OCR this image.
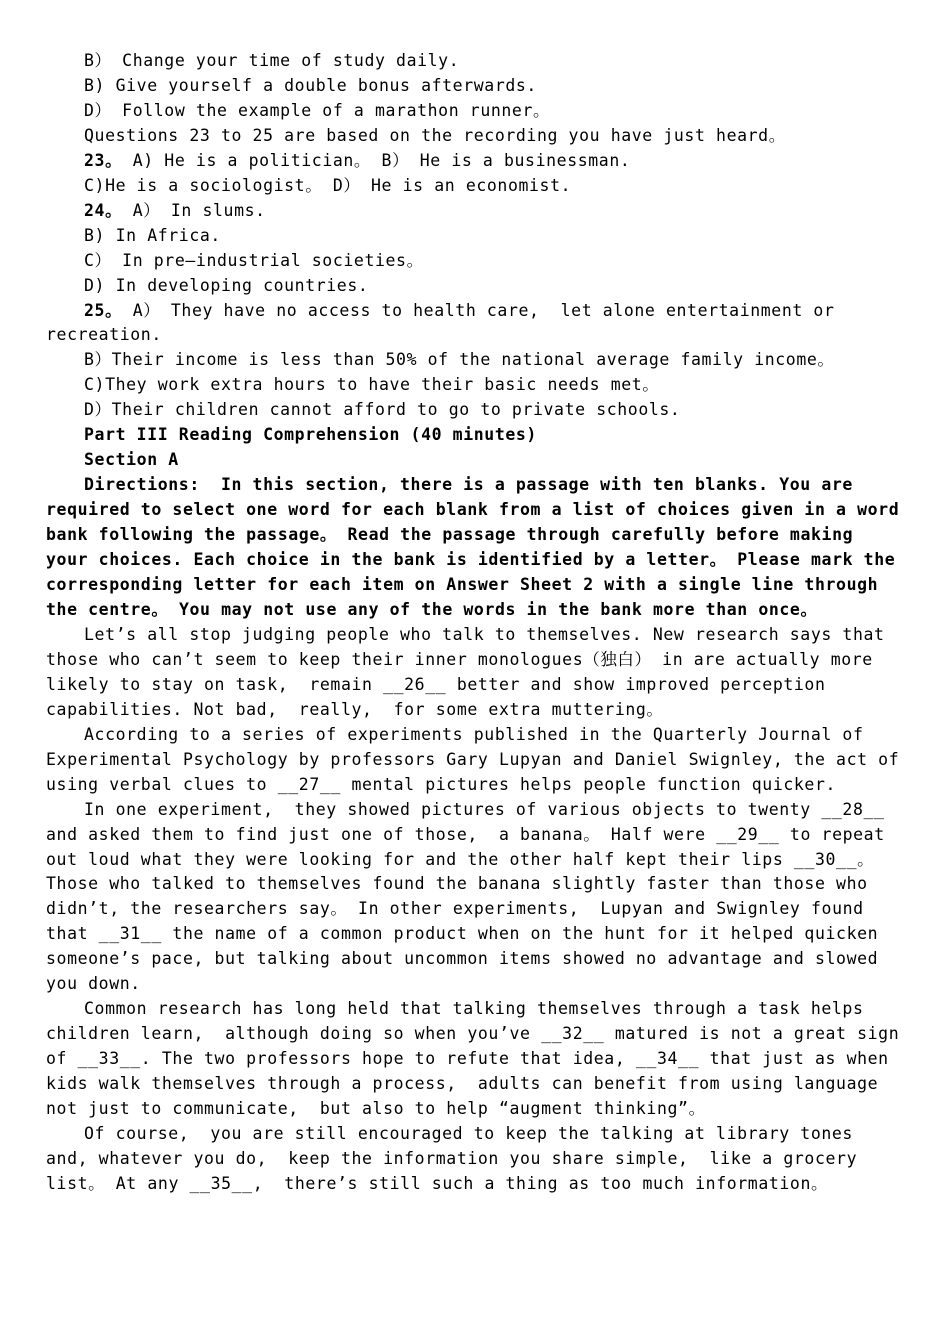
B） Change your time of study daily.
B) Give yourself a double bonus afterwards.
D） Follow the example of a marathon runner。
Questions 23 to 25 are based on the recording you have just heard。
23。 A) He is a politician。 B） He is a businessman.
C)He is a sociologist。 D） He is an economist.
24。 A） In slums.
B) In Africa.
C） In pre—industrial societies。
D) In developing countries.
25。 A） They have no access to health care,  let alone entertainment or recreation.
B）Their income is less than 50% of the national average family income。
C)They work extra hours to have their basic needs met。
D）Their children cannot afford to go to private schools.
Part III Reading Comprehension (40 minutes)
Section A
Directions:  In this section, there is a passage with ten blanks. You are required to select one word for each blank from a list of choices given in a word bank following the passage。 Read the passage through carefully before making your choices. Each choice in the bank is identified by a letter。 Please mark the corresponding letter for each item on Answer Sheet 2 with a single line through the centre。 You may not use any of the words in the bank more than once。
Let’s all stop judging people who talk to themselves. New research says that those who can’t seem to keep their inner monologues（独白） in are actually more likely to stay on task,  remain __26__ better and show improved perception capabilities. Not bad,  really,  for some extra muttering。
According to a series of experiments published in the Quarterly Journal of Experimental Psychology by professors Gary Lupyan and Daniel Swignley, the act of using verbal clues to __27__ mental pictures helps people function quicker.
In one experiment,  they showed pictures of various objects to twenty __28__ and asked them to find just one of those,  a banana。 Half were __29__ to repeat out loud what they were looking for and the other half kept their lips __30__。 Those who talked to themselves found the banana slightly faster than those who didn’t, the researchers say。 In other experiments,  Lupyan and Swignley found that __31__ the name of a common product when on the hunt for it helped quicken someone’s pace, but talking about uncommon items showed no advantage and slowed you down.
Common research has long held that talking themselves through a task helps children learn,  although doing so when you’ve __32__ matured is not a great sign of __33__. The two professors hope to refute that idea, __34__ that just as when kids walk themselves through a process,  adults can benefit from using language not just to communicate,  but also to help “augment thinking”。
Of course,  you are still encouraged to keep the talking at library tones and, whatever you do,  keep the information you share simple,  like a grocery list。 At any __35__,  there’s still such a thing as too much information。
